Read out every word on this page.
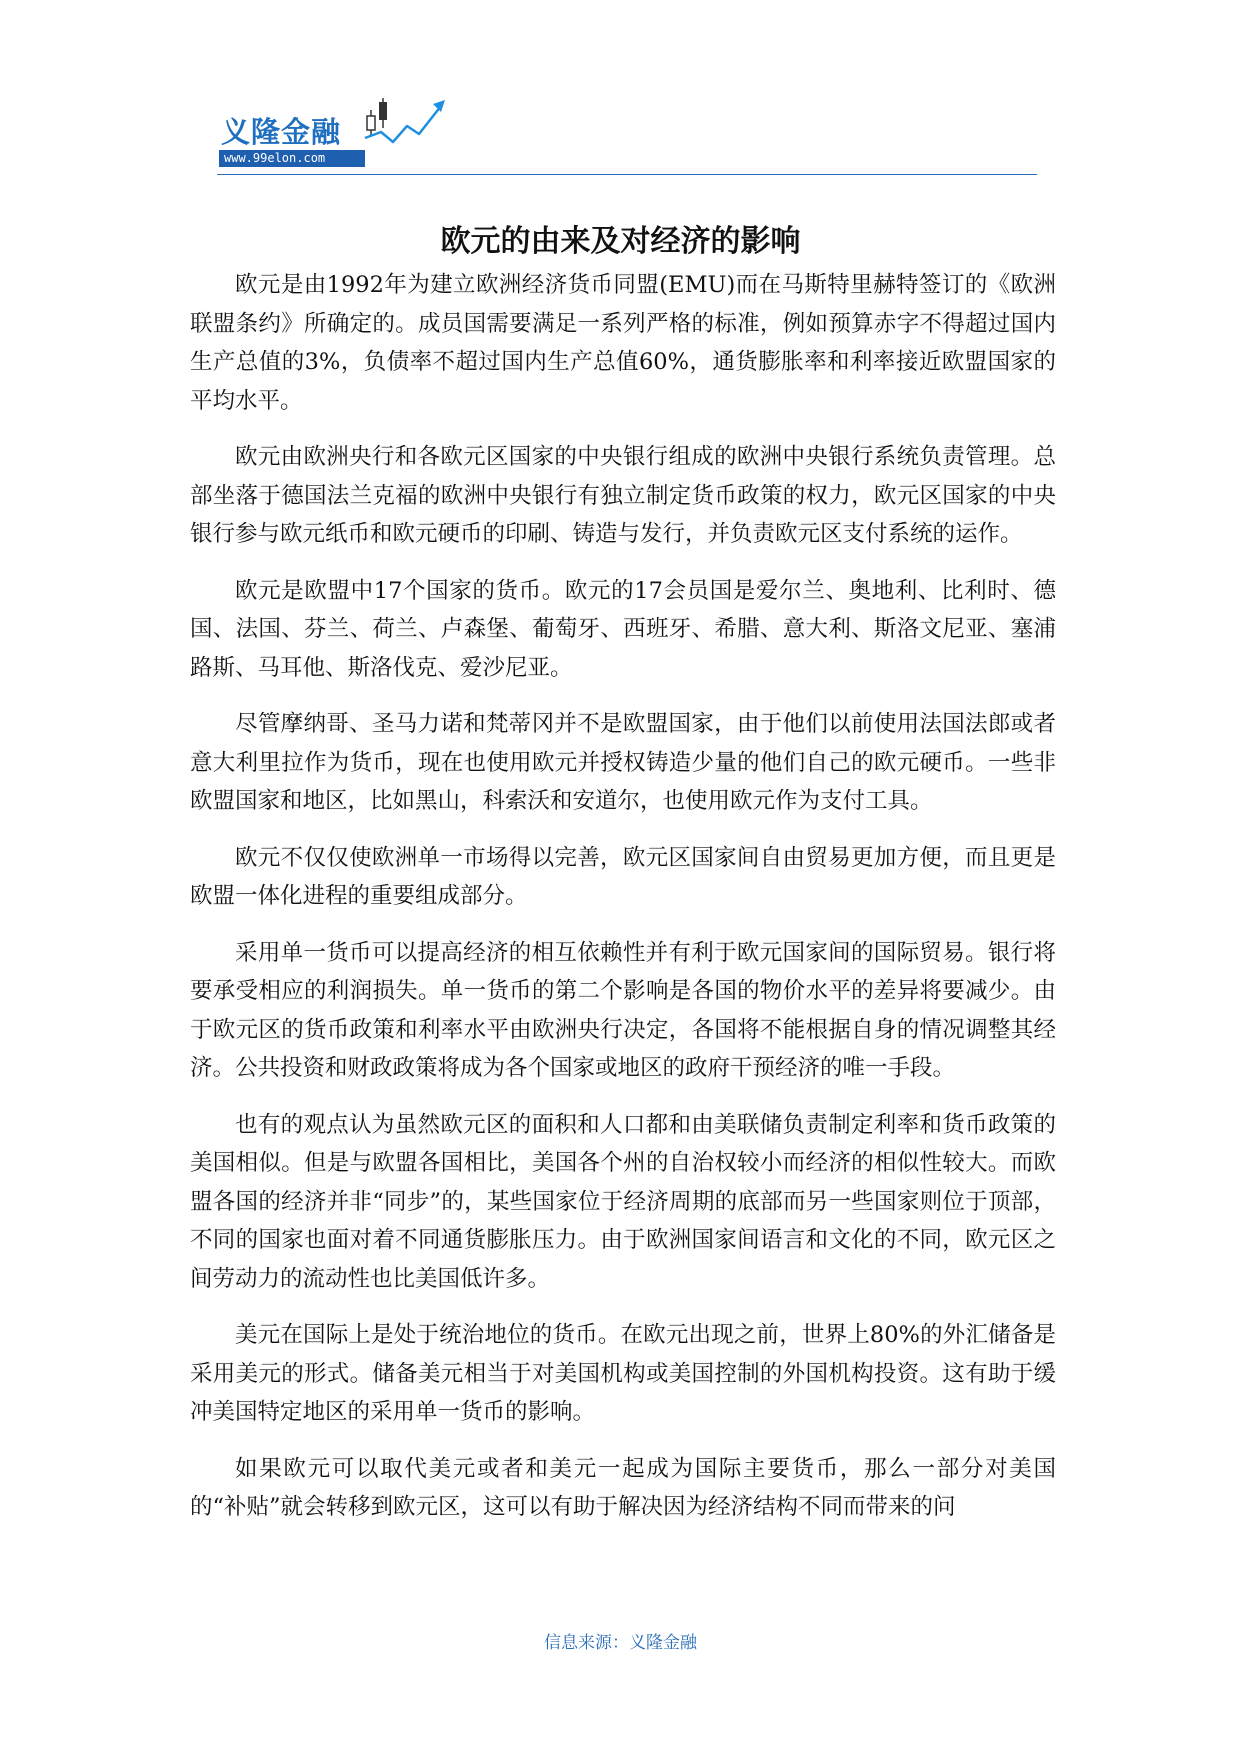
义隆金融
www.99elon.com
欧元的由来及对经济的影响

欧元是由1992年为建立欧洲经济货币同盟(EMU)而在马斯特里赫特签订的《欧洲联盟条约》所确定的。成员国需要满足一系列严格的标准，例如预算赤字不得超过国内生产总值的3%，负债率不超过国内生产总值60%，通货膨胀率和利率接近欧盟国家的平均水平。

欧元由欧洲央行和各欧元区国家的中央银行组成的欧洲中央银行系统负责管理。总部坐落于德国法兰克福的欧洲中央银行有独立制定货币政策的权力，欧元区国家的中央银行参与欧元纸币和欧元硬币的印刷、铸造与发行，并负责欧元区支付系统的运作。

欧元是欧盟中17个国家的货币。欧元的17会员国是爱尔兰、奥地利、比利时、德国、法国、芬兰、荷兰、卢森堡、葡萄牙、西班牙、希腊、意大利、斯洛文尼亚、塞浦路斯、马耳他、斯洛伐克、爱沙尼亚。

尽管摩纳哥、圣马力诺和梵蒂冈并不是欧盟国家，由于他们以前使用法国法郎或者意大利里拉作为货币，现在也使用欧元并授权铸造少量的他们自己的欧元硬币。一些非欧盟国家和地区，比如黑山，科索沃和安道尔，也使用欧元作为支付工具。

欧元不仅仅使欧洲单一市场得以完善，欧元区国家间自由贸易更加方便，而且更是欧盟一体化进程的重要组成部分。

采用单一货币可以提高经济的相互依赖性并有利于欧元国家间的国际贸易。银行将要承受相应的利润损失。单一货币的第二个影响是各国的物价水平的差异将要减少。由于欧元区的货币政策和利率水平由欧洲央行决定，各国将不能根据自身的情况调整其经济。公共投资和财政政策将成为各个国家或地区的政府干预经济的唯一手段。

也有的观点认为虽然欧元区的面积和人口都和由美联储负责制定利率和货币政策的美国相似。但是与欧盟各国相比，美国各个州的自治权较小而经济的相似性较大。而欧盟各国的经济并非“同步”的，某些国家位于经济周期的底部而另一些国家则位于顶部，不同的国家也面对着不同通货膨胀压力。由于欧洲国家间语言和文化的不同，欧元区之间劳动力的流动性也比美国低许多。

美元在国际上是处于统治地位的货币。在欧元出现之前，世界上80%的外汇储备是采用美元的形式。储备美元相当于对美国机构或美国控制的外国机构投资。这有助于缓冲美国特定地区的采用单一货币的影响。

如果欧元可以取代美元或者和美元一起成为国际主要货币，那么一部分对美国的“补贴”就会转移到欧元区，这可以有助于解决因为经济结构不同而带来的问

信息来源：义隆金融
